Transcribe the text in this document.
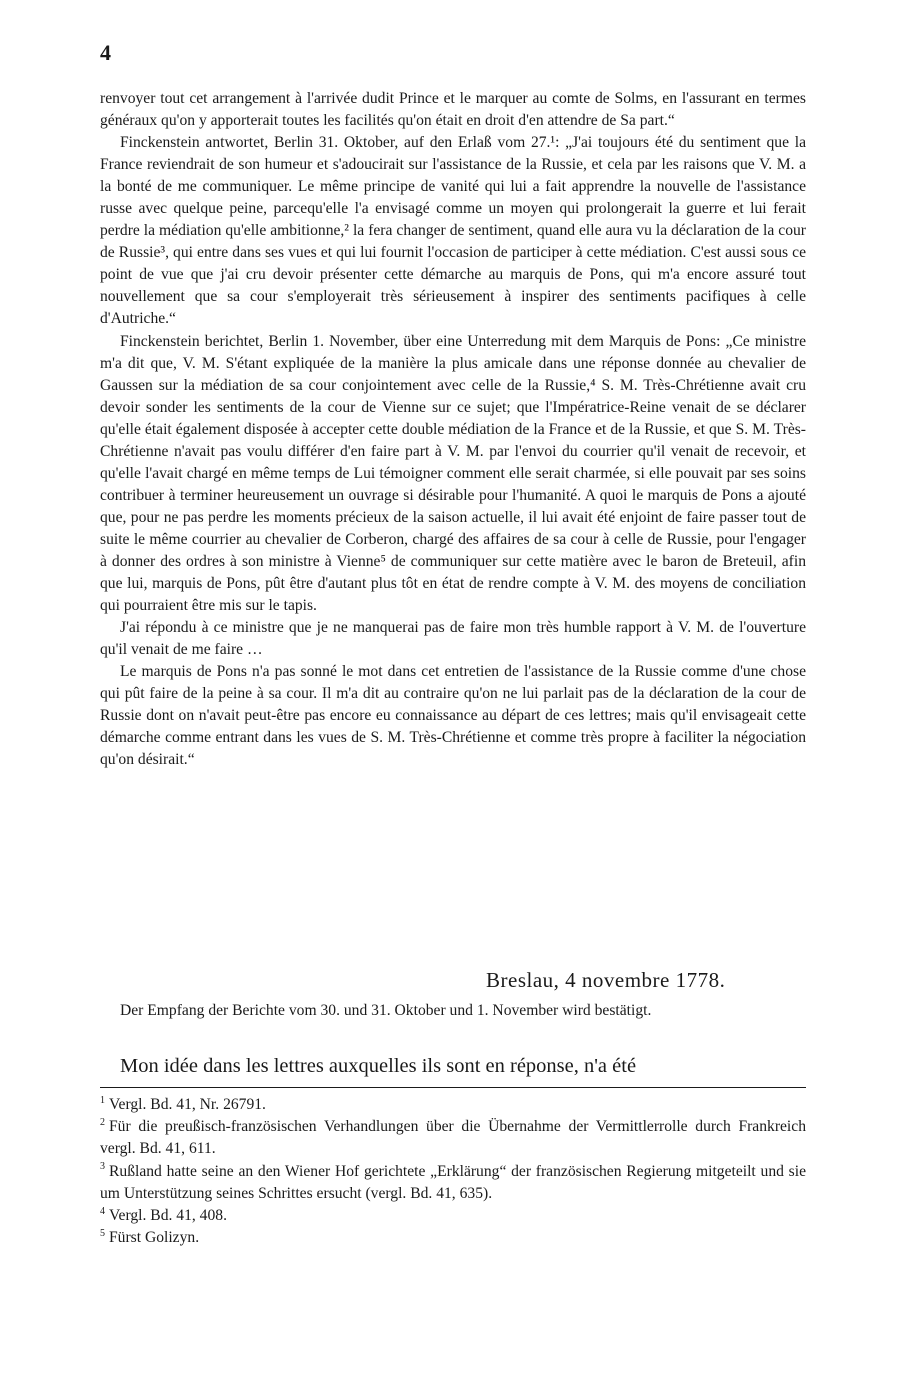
4

renvoyer tout cet arrangement à l'arrivée dudit Prince et le marquer au comte de Solms, en l'assurant en termes généraux qu'on y apporterait toutes les facilités qu'on était en droit d'en attendre de Sa part.“

Finckenstein antwortet, Berlin 31. Oktober, auf den Erlaß vom 27.¹: „J'ai toujours été du sentiment que la France reviendrait de son humeur et s'adoucirait sur l'assistance de la Russie, et cela par les raisons que V. M. a la bonté de me communiquer. Le même principe de vanité qui lui a fait apprendre la nouvelle de l'assistance russe avec quelque peine, parcequ'elle l'a envisagé comme un moyen qui prolongerait la guerre et lui ferait perdre la médiation qu'elle ambitionne,² la fera changer de sentiment, quand elle aura vu la déclaration de la cour de Russie³, qui entre dans ses vues et qui lui fournit l'occasion de participer à cette médiation. C'est aussi sous ce point de vue que j'ai cru devoir présenter cette démarche au marquis de Pons, qui m'a encore assuré tout nouvellement que sa cour s'employerait très sérieusement à inspirer des sentiments pacifiques à celle d'Autriche.“

Finckenstein berichtet, Berlin 1. November, über eine Unterredung mit dem Marquis de Pons: „Ce ministre m'a dit que, V. M. S'étant expliquée de la manière la plus amicale dans une réponse donnée au chevalier de Gaussen sur la médiation de sa cour conjointement avec celle de la Russie,⁴ S. M. Très-Chrétienne avait cru devoir sonder les sentiments de la cour de Vienne sur ce sujet; que l'Impératrice-Reine venait de se déclarer qu'elle était également disposée à accepter cette double médiation de la France et de la Russie, et que S. M. Très-Chrétienne n'avait pas voulu différer d'en faire part à V. M. par l'envoi du courrier qu'il venait de recevoir, et qu'elle l'avait chargé en même temps de Lui témoigner comment elle serait charmée, si elle pouvait par ses soins contribuer à terminer heureusement un ouvrage si désirable pour l'humanité. A quoi le marquis de Pons a ajouté que, pour ne pas perdre les moments précieux de la saison actuelle, il lui avait été enjoint de faire passer tout de suite le même courrier au chevalier de Corberon, chargé des affaires de sa cour à celle de Russie, pour l'engager à donner des ordres à son ministre à Vienne⁵ de communiquer sur cette matière avec le baron de Breteuil, afin que lui, marquis de Pons, pût être d'autant plus tôt en état de rendre compte à V. M. des moyens de conciliation qui pourraient être mis sur le tapis.

J'ai répondu à ce ministre que je ne manquerai pas de faire mon très humble rapport à V. M. de l'ouverture qu'il venait de me faire …

Le marquis de Pons n'a pas sonné le mot dans cet entretien de l'assistance de la Russie comme d'une chose qui pût faire de la peine à sa cour. Il m'a dit au contraire qu'on ne lui parlait pas de la déclaration de la cour de Russie dont on n'avait peut-être pas encore eu connaissance au départ de ces lettres; mais qu'il envisageait cette démarche comme entrant dans les vues de S. M. Très-Chrétienne et comme très propre à faciliter la négociation qu'on désirait.“

Breslau, 4 novembre 1778.
Der Empfang der Berichte vom 30. und 31. Oktober und 1. November wird bestätigt.
Mon idée dans les lettres auxquelles ils sont en réponse, n'a été

$^1$ Vergl. Bd. 41, Nr. 26791.

$^2$ Für die preußisch-französischen Verhandlungen über die Übernahme der Vermittlerrolle durch Frankreich vergl. Bd. 41, 611.

$^3$ Rußland hatte seine an den Wiener Hof gerichtete „Erklärung“ der französischen Regierung mitgeteilt und sie um Unterstützung seines Schrittes ersucht (vergl. Bd. 41, 635).

$^4$ Vergl. Bd. 41, 408.

$^5$ Fürst Golizyn.
